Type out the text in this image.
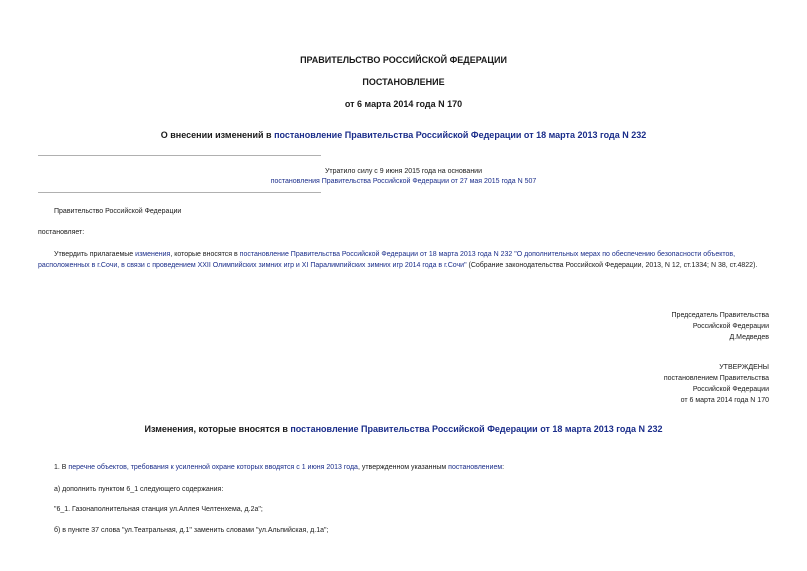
ПРАВИТЕЛЬСТВО РОССИЙСКОЙ ФЕДЕРАЦИИ
ПОСТАНОВЛЕНИЕ
от 6 марта 2014 года N 170
О внесении изменений в постановление Правительства Российской Федерации от 18 марта 2013 года N 232
Утратило силу с 9 июня 2015 года на основании
постановления Правительства Российской Федерации от 27 мая 2015 года N 507
Правительство Российской Федерации
постановляет:
Утвердить прилагаемые изменения, которые вносятся в постановление Правительства Российской Федерации от 18 марта 2013 года N 232 "О дополнительных мерах по обеспечению безопасности объектов, расположенных в г.Сочи, в связи с проведением XXII Олимпийских зимних игр и XI Паралимпийских зимних игр 2014 года в г.Сочи" (Собрание законодательства Российской Федерации, 2013, N 12, ст.1334; N 38, ст.4822).
Председатель Правительства
Российской Федерации
Д.Медведев
УТВЕРЖДЕНЫ
постановлением Правительства
Российской Федерации
от 6 марта 2014 года N 170
Изменения, которые вносятся в постановление Правительства Российской Федерации от 18 марта 2013 года N 232
1. В перечне объектов, требования к усиленной охране которых вводятся с 1 июня 2013 года, утвержденном указанным постановлением:
а) дополнить пунктом 6_1 следующего содержания:
"6_1. Газонаполнительная станция ул.Аллея Челтенхема, д.2а";
б) в пункте 37 слова "ул.Театральная, д.1" заменить словами "ул.Альпийская, д.1а";
